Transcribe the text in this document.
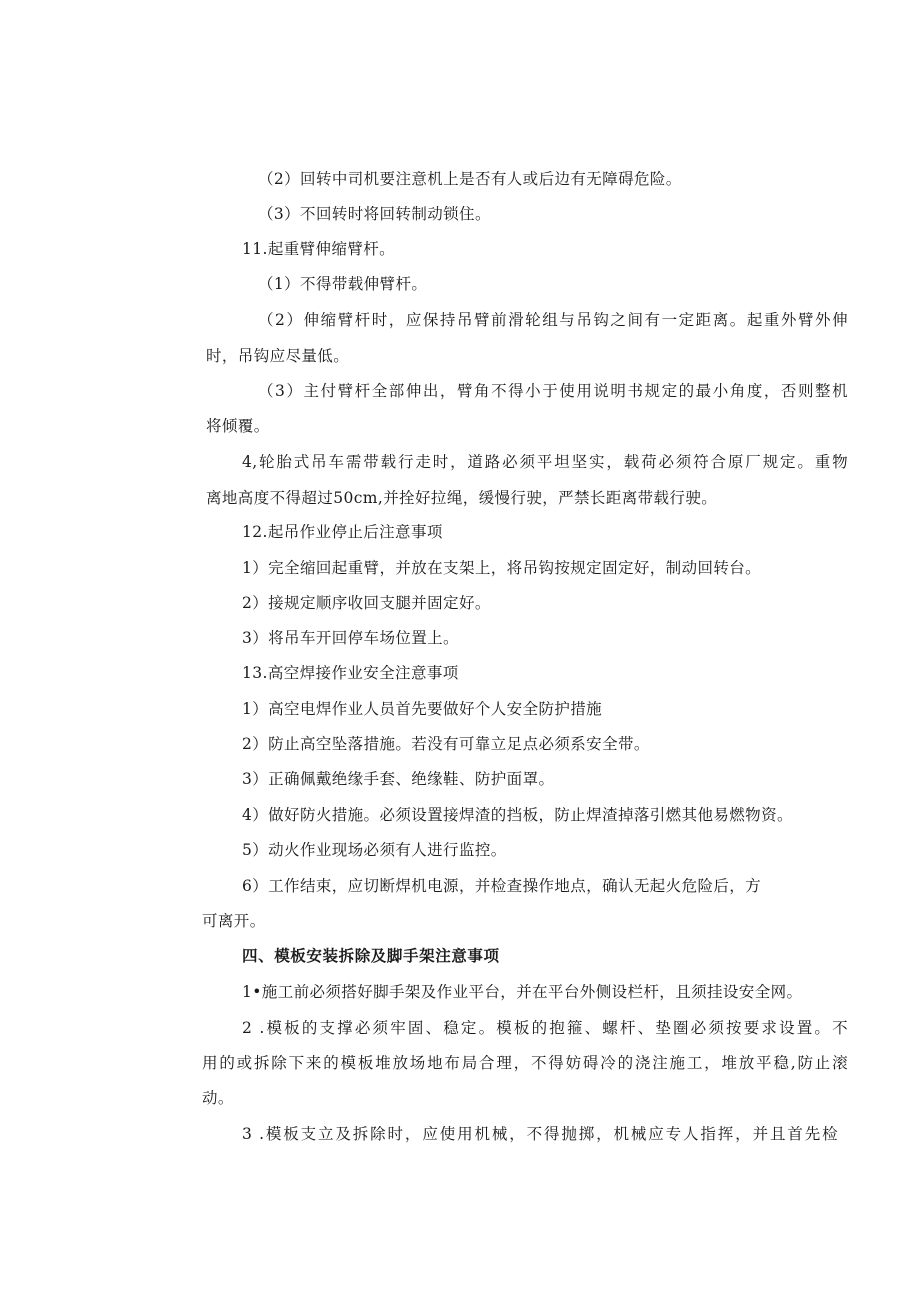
（2）回转中司机要注意机上是否有人或后边有无障碍危险。
（3）不回转时将回转制动锁住。
11.起重臂伸缩臂杆。
（1）不得带载伸臂杆。
（2）伸缩臂杆时，应保持吊臂前滑轮组与吊钩之间有一定距离。起重外臂外伸
时，吊钩应尽量低。
（3）主付臂杆全部伸出，臂角不得小于使用说明书规定的最小角度，否则整机
将倾覆。
4,轮胎式吊车需带载行走时，道路必须平坦坚实，载荷必须符合原厂规定。重物
离地高度不得超过50cm,并拴好拉绳，缓慢行驶，严禁长距离带载行驶。
12.起吊作业停止后注意事项
1）完全缩回起重臂，并放在支架上，将吊钩按规定固定好，制动回转台。
2）接规定顺序收回支腿并固定好。
3）将吊车开回停车场位置上。
13.高空焊接作业安全注意事项
1）高空电焊作业人员首先要做好个人安全防护措施
2）防止高空坠落措施。若没有可靠立足点必须系安全带。
3）正确佩戴绝缘手套、绝缘鞋、防护面罩。
4）做好防火措施。必须设置接焊渣的挡板，防止焊渣掉落引燃其他易燃物资。
5）动火作业现场必须有人进行监控。
6）工作结束，应切断焊机电源，并检查操作地点，确认无起火危险后，方
可离开。
四、模板安装拆除及脚手架注意事项
1•施工前必须搭好脚手架及作业平台，并在平台外侧设栏杆，且须挂设安全网。
2 .模板的支撑必须牢固、稳定。模板的抱箍、螺杆、垫圈必须按要求设置。不
用的或拆除下来的模板堆放场地布局合理，不得妨碍冷的浇注施工，堆放平稳,防止滚
动。
3 .模板支立及拆除时，应使用机械，不得抛掷，机械应专人指挥，并且首先检
